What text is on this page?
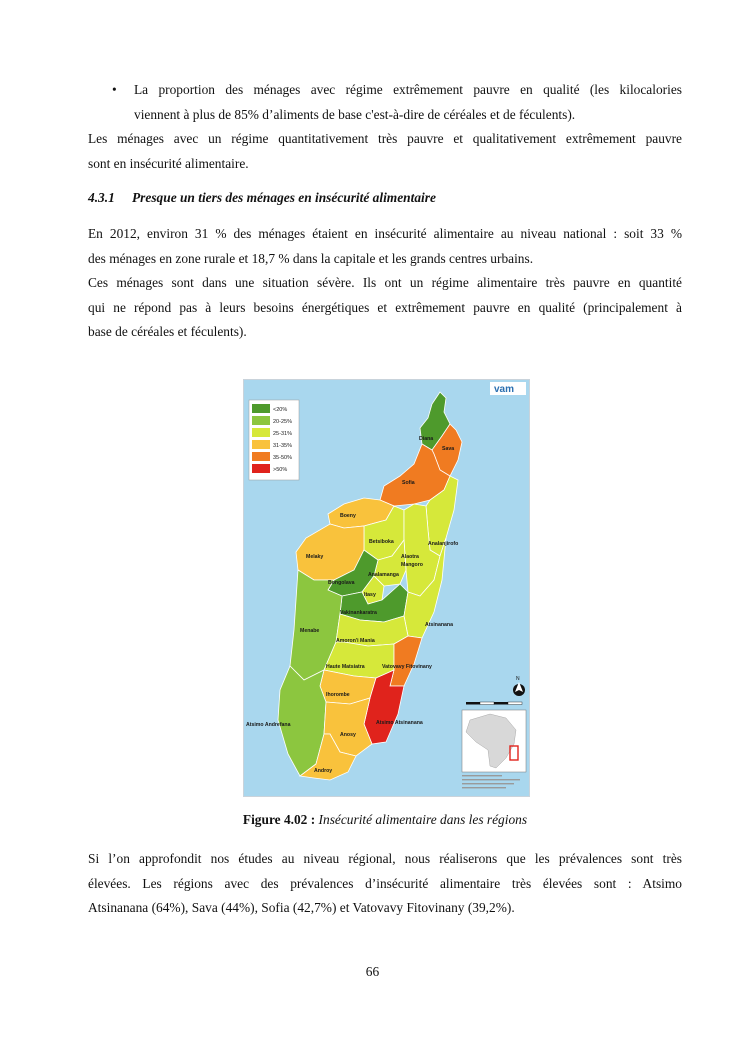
• La proportion des ménages avec régime extrêmement pauvre en qualité (les kilocalories
viennent à plus de 85% d’aliments de base c'est-à-dire de céréales et de féculents).
Les ménages avec un régime quantitativement très pauvre et qualitativement extrêmement pauvre
sont en insécurité alimentaire.
4.3.1 Presque un tiers des ménages en insécurité alimentaire
En 2012, environ 31 % des ménages étaient en insécurité alimentaire au niveau national : soit 33 %
des ménages en zone rurale et 18,7 % dans la capitale et les grands centres urbains.
Ces ménages sont dans une situation sévère. Ils ont un régime alimentaire très pauvre en quantité
qui ne répond pas à leurs besoins énergétiques et extrêmement pauvre en qualité (principalement à
base de céréales et féculents).
vam
<20%
20-25%
25-31%
31-35%
35-50%
>50%
Diana
Sava
Sofia
Boeny
Betsiboka	Analanjirofo
Melaky	Alaotra
Mangoro
Analamanga
Bongolava
Itasy
Vakinankaratra
Atsinanana
Menabe
Amoron'i Mania
Haute Matsiatra	Vatovavy Fitovinany
Ihorombe
Atsimo Atsinanana
Atsimo Andrefana
Anosy
Androy
N
Figure 4.02 : Insécurité alimentaire dans les régions
Si l’on approfondit nos études au niveau régional, nous réaliserons que les prévalences sont très
élevées. Les régions avec des prévalences d’insécurité alimentaire très élevées sont : Atsimo
Atsinanana (64%), Sava (44%), Sofia (42,7%) et Vatovavy Fitovinany (39,2%).
66
